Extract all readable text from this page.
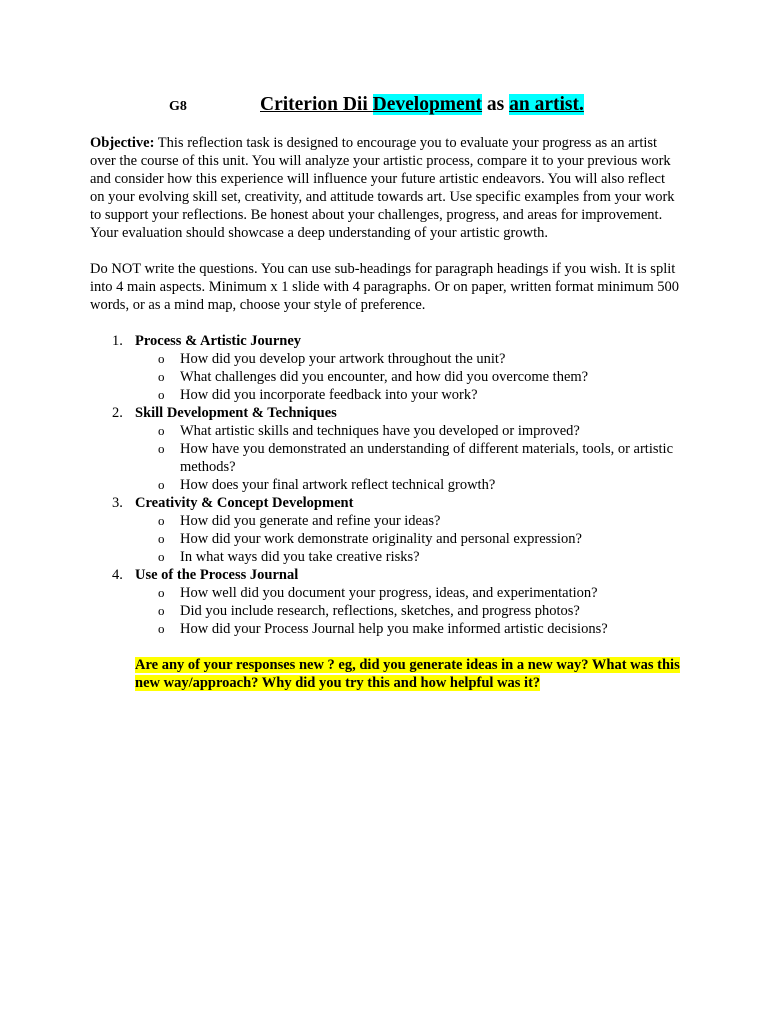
G8	Criterion Dii Development as an artist.

Objective: This reflection task is designed to encourage you to evaluate your progress as an artist over the course of this unit. You will analyze your artistic process, compare it to your previous work and consider how this experience will influence your future artistic endeavors. You will also reflect on your evolving skill set, creativity, and attitude towards art. Use specific examples from your work to support your reflections. Be honest about your challenges, progress, and areas for improvement. Your evaluation should showcase a deep understanding of your artistic growth.

Do NOT write the questions. You can use sub-headings for paragraph headings if you wish. It is split into 4 main aspects. Minimum x 1 slide with 4 paragraphs. Or on paper, written format minimum 500 words, or as a mind map, choose your style of preference.

1. Process & Artistic Journey
o How did you develop your artwork throughout the unit?
o What challenges did you encounter, and how did you overcome them?
o How did you incorporate feedback into your work?
2. Skill Development & Techniques
o What artistic skills and techniques have you developed or improved?
o How have you demonstrated an understanding of different materials, tools, or artistic methods?
o How does your final artwork reflect technical growth?
3. Creativity & Concept Development
o How did you generate and refine your ideas?
o How did your work demonstrate originality and personal expression?
o In what ways did you take creative risks?
4. Use of the Process Journal
o How well did you document your progress, ideas, and experimentation?
o Did you include research, reflections, sketches, and progress photos?
o How did your Process Journal help you make informed artistic decisions?

Are any of your responses new ? eg, did you generate ideas in a new way? What was this new way/approach? Why did you try this and how helpful was it?
